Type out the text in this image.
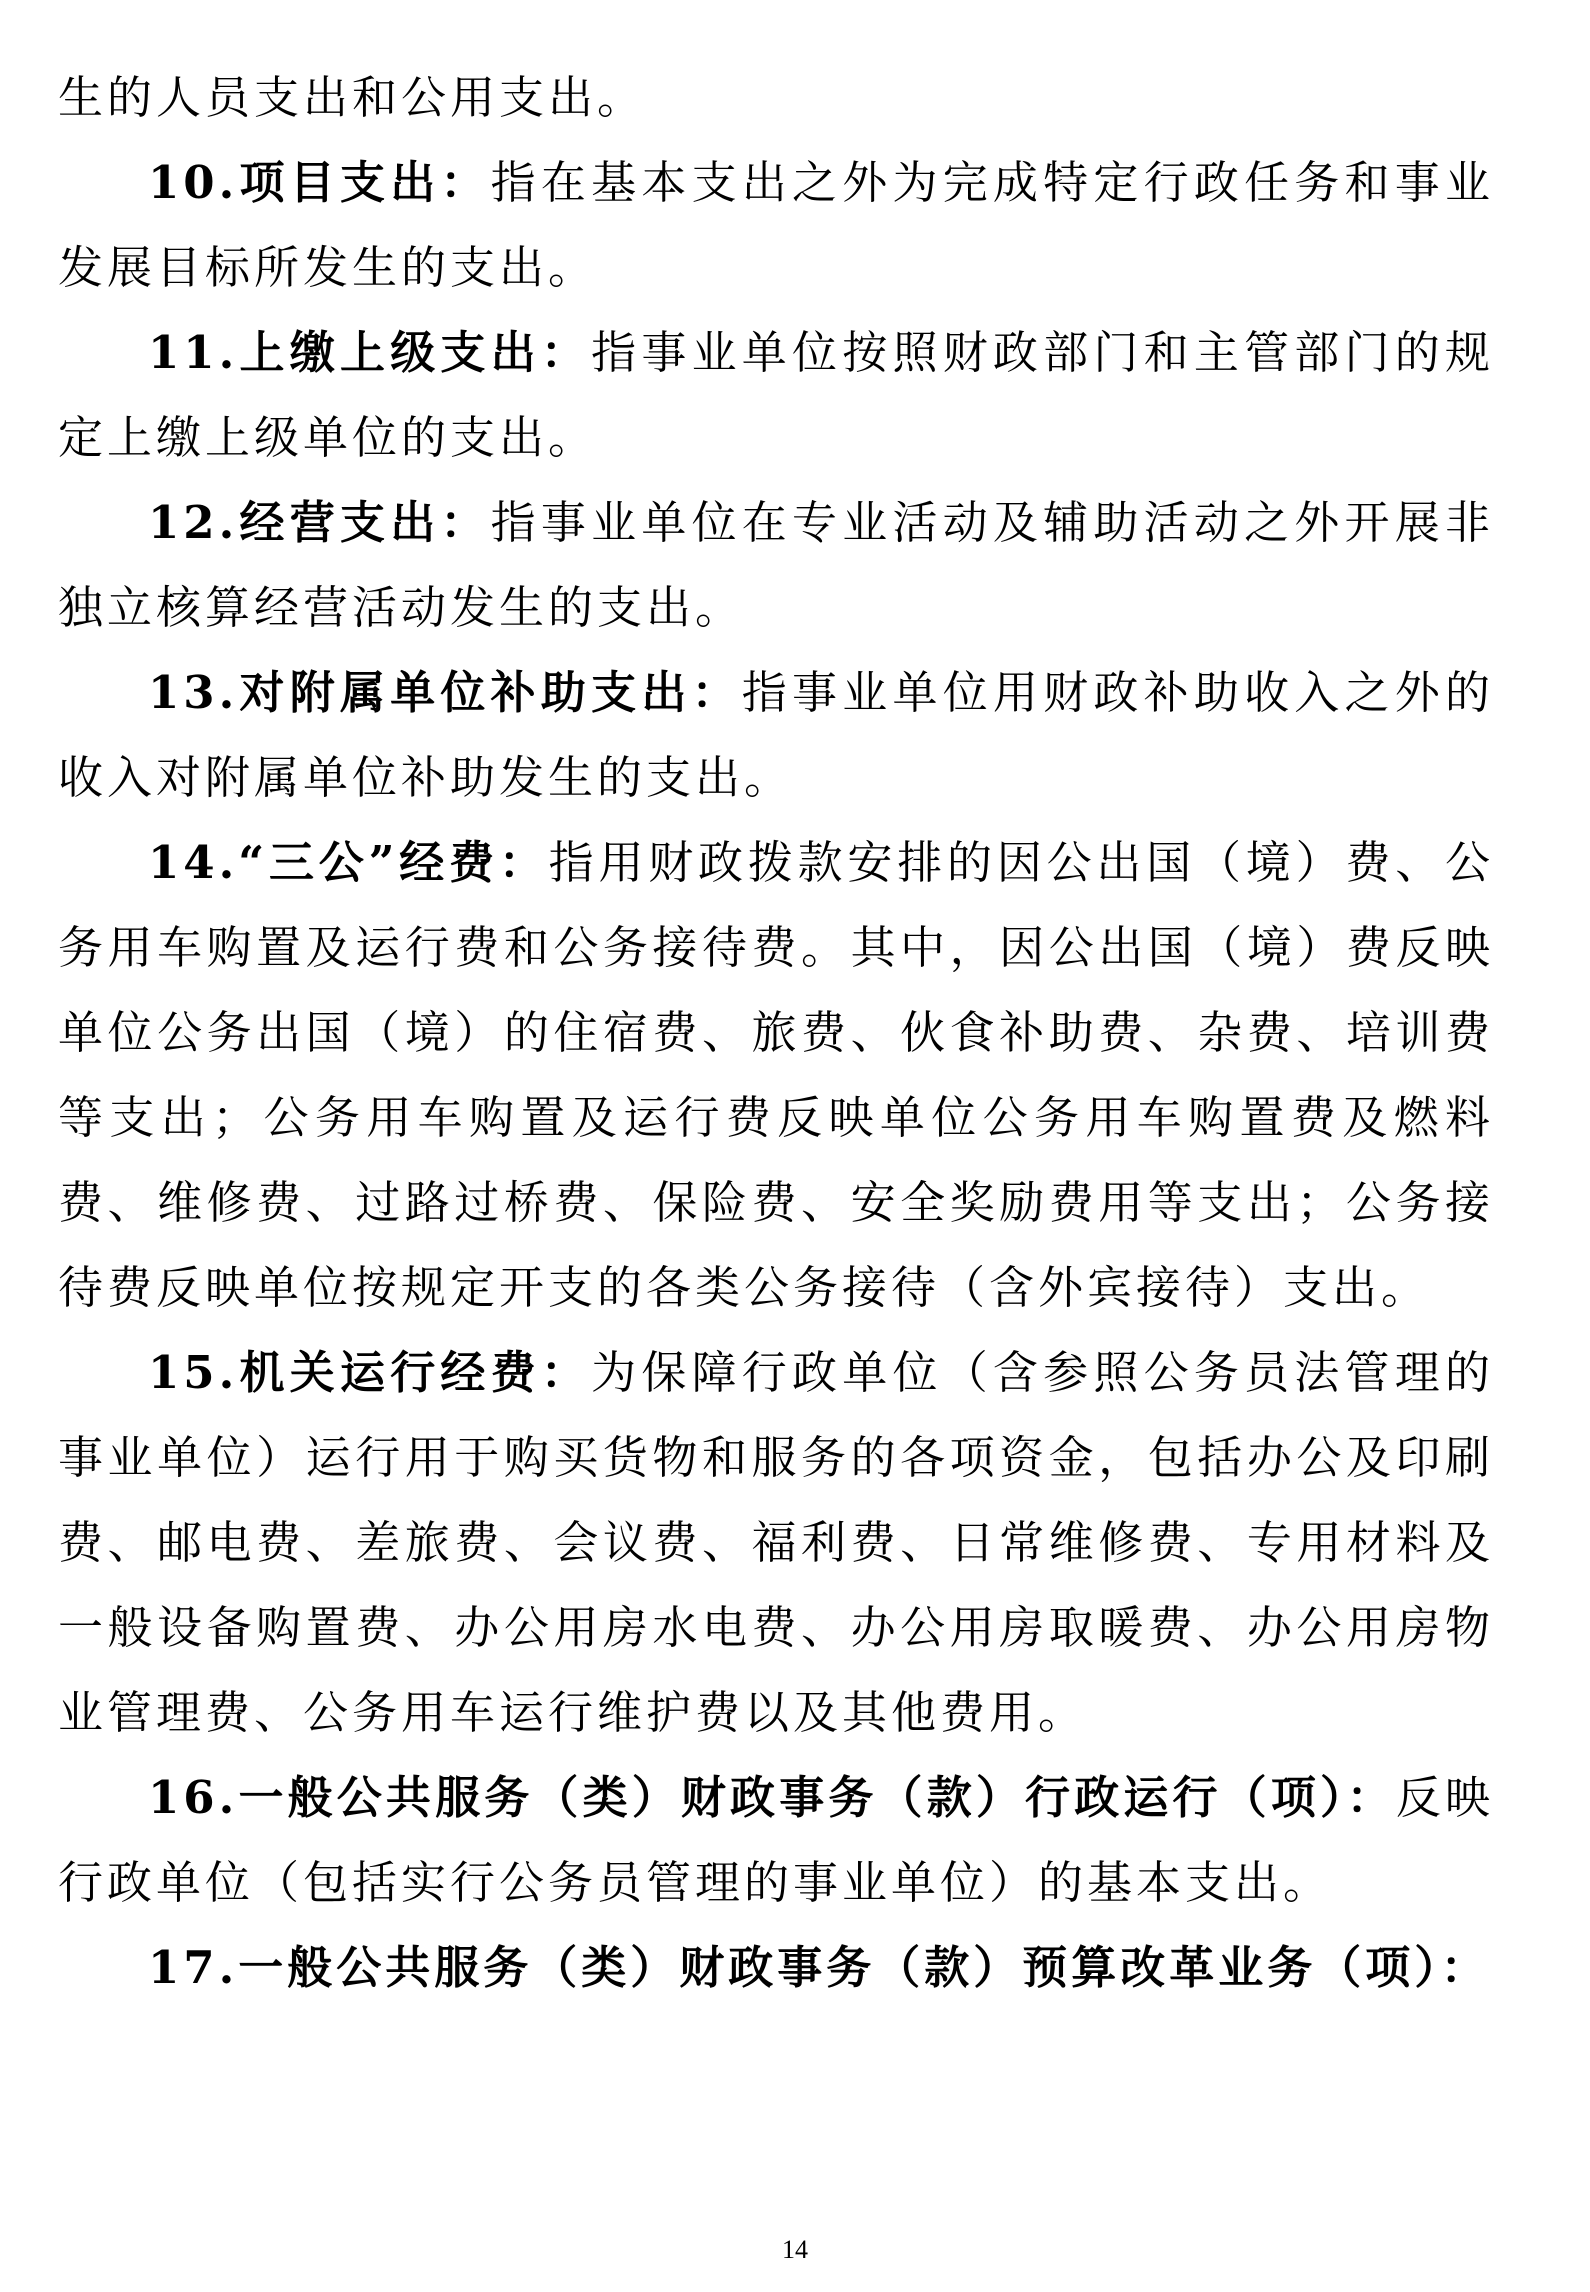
生的人员支出和公用支出。

10.项目支出：指在基本支出之外为完成特定行政任务和事业发展目标所发生的支出。

11.上缴上级支出：指事业单位按照财政部门和主管部门的规定上缴上级单位的支出。

12.经营支出：指事业单位在专业活动及辅助活动之外开展非独立核算经营活动发生的支出。

13.对附属单位补助支出：指事业单位用财政补助收入之外的收入对附属单位补助发生的支出。

14.“三公”经费：指用财政拨款安排的因公出国（境）费、公务用车购置及运行费和公务接待费。其中，因公出国（境）费反映单位公务出国（境）的住宿费、旅费、伙食补助费、杂费、培训费等支出；公务用车购置及运行费反映单位公务用车购置费及燃料费、维修费、过路过桥费、保险费、安全奖励费用等支出；公务接待费反映单位按规定开支的各类公务接待（含外宾接待）支出。

15.机关运行经费：为保障行政单位（含参照公务员法管理的事业单位）运行用于购买货物和服务的各项资金，包括办公及印刷费、邮电费、差旅费、会议费、福利费、日常维修费、专用材料及一般设备购置费、办公用房水电费、办公用房取暖费、办公用房物业管理费、公务用车运行维护费以及其他费用。

16.一般公共服务（类）财政事务（款）行政运行（项）：反映行政单位（包括实行公务员管理的事业单位）的基本支出。

17.一般公共服务（类）财政事务（款）预算改革业务（项）：

14
